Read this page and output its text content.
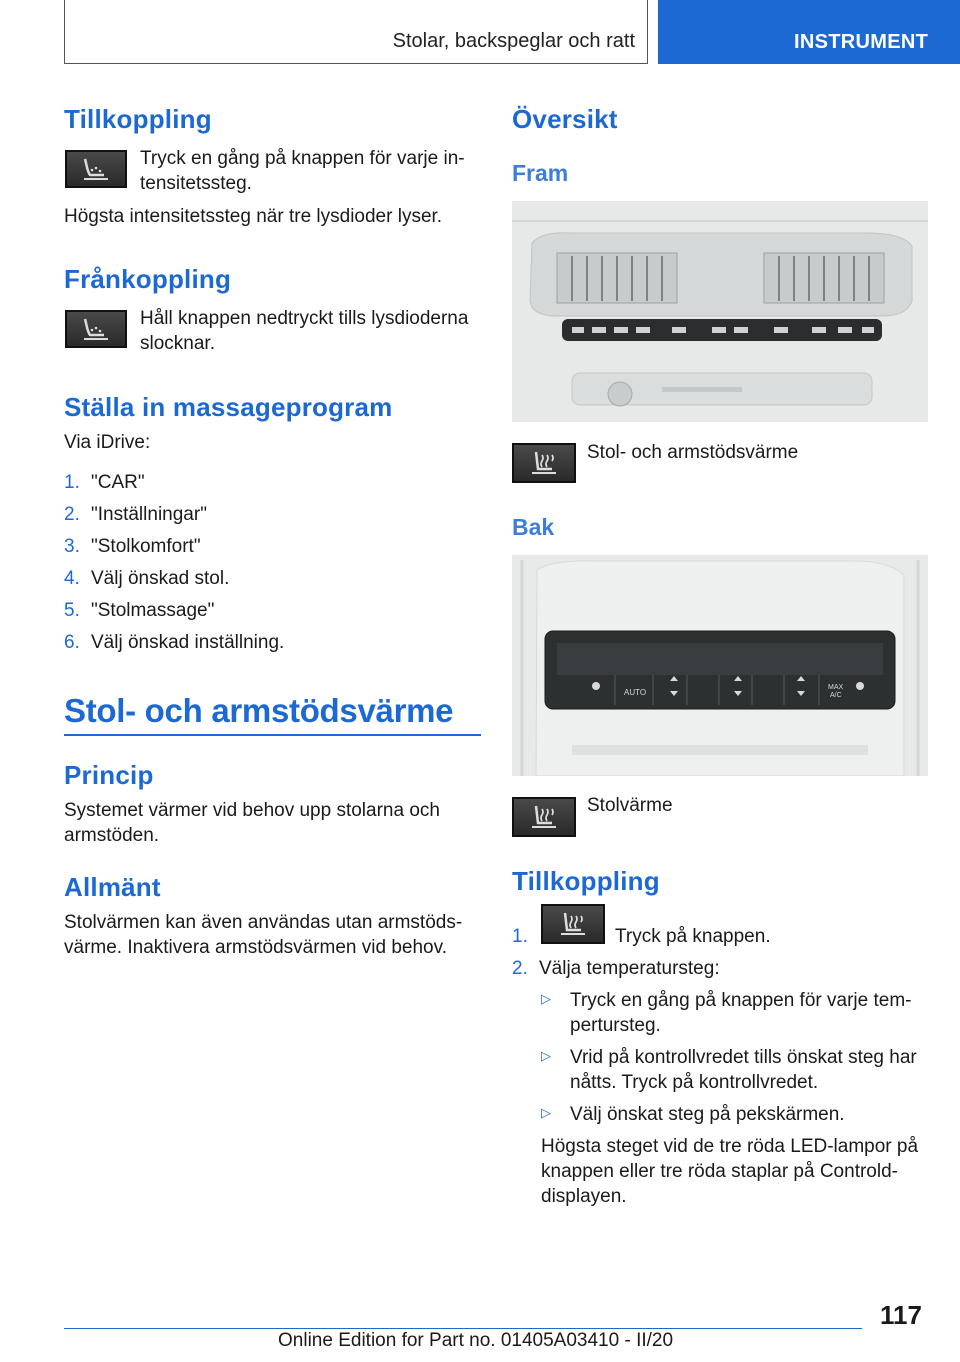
Stolar, backspeglar och ratt	INSTRUMENT
Tillkoppling
Tryck en gång på knappen för varje in-
tensitetssteg.
Högsta intensitetssteg när tre lysdioder lyser.
Frånkoppling
Håll knappen nedtryckt tills lysdioderna
slocknar.
Ställa in massageprogram
Via iDrive:
1. "CAR"
2. "Inställningar"
3. "Stolkomfort"
4. Välj önskad stol.
5. "Stolmassage"
6. Välj önskad inställning.
Stol- och armstödsvärme
Princip
Systemet värmer vid behov upp stolarna och
armstöden.
Allmänt
Stolvärmen kan även användas utan armstöds-
värme. Inaktivera armstödsvärmen vid behov.
Översikt
Fram
Stol- och armstödsvärme
Bak
AUTO
MAX
A/C
Stolvärme
Tillkoppling
1.	Tryck på knappen.
2. Välja temperatursteg:
▷ Tryck en gång på knappen för varje tem-
pertursteg.
▷ Vrid på kontrollvredet tills önskat steg har
nåtts. Tryck på kontrollvredet.
▷ Välj önskat steg på pekskärmen.
Högsta steget vid de tre röda LED-lampor på
knappen eller tre röda staplar på Controld-
displayen.
117
Online Edition for Part no. 01405A03410 - II/20
